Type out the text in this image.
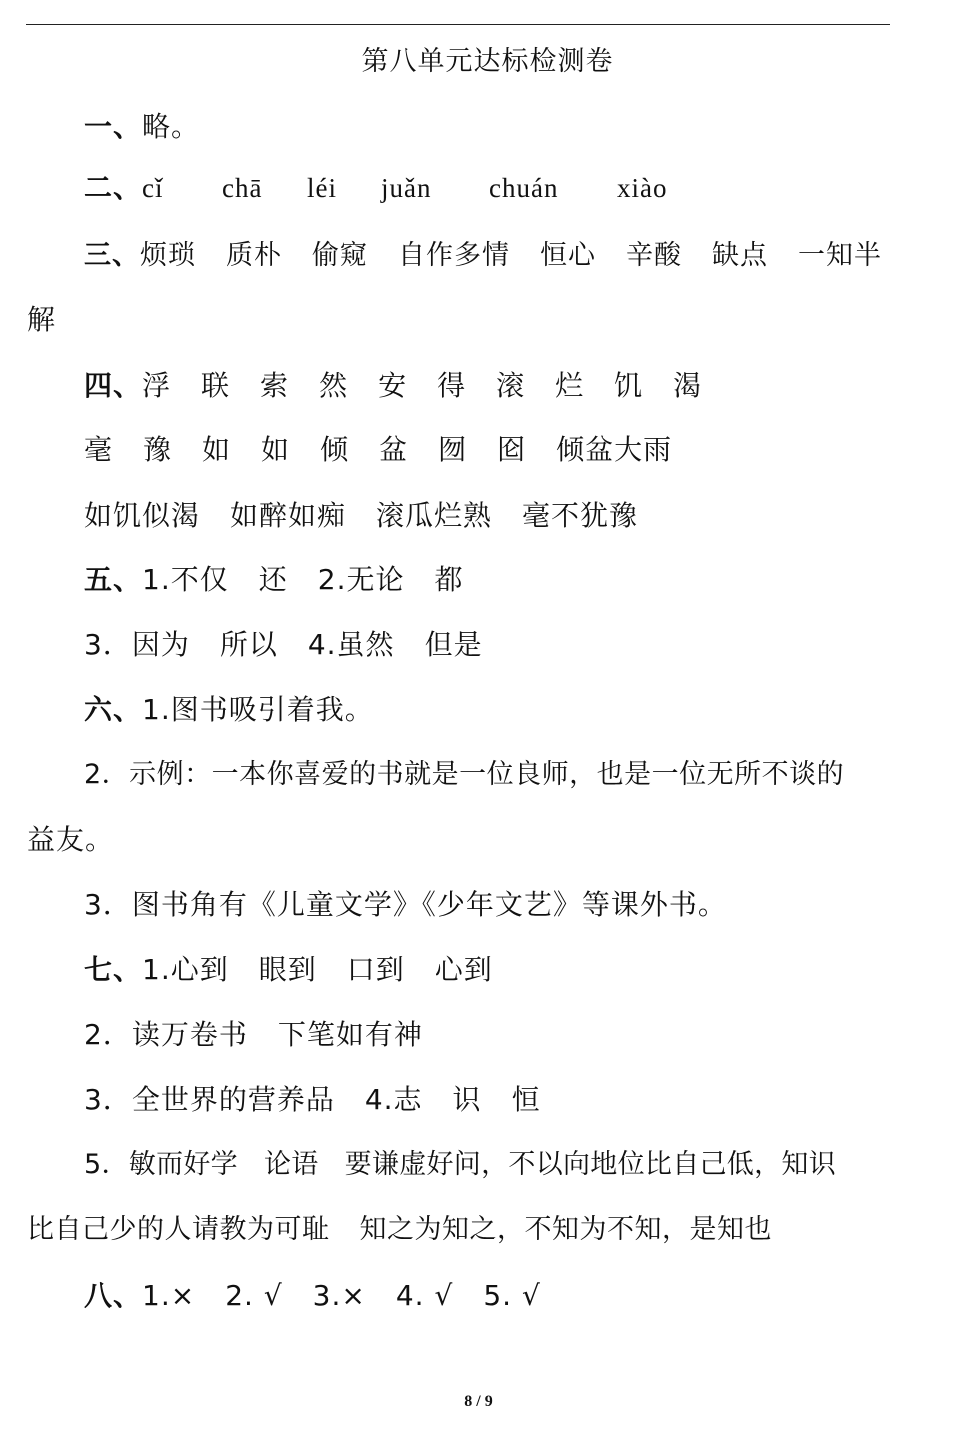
第八单元达标检测卷
一、略。
二、cǐ chā léi juǎn chuán xiào
三、烦琐 质朴 偷窥 自作多情 恒心 辛酸 缺点 一知半
解
四、浮 联 索 然 安 得 滚 烂 饥 渴
毫 豫 如 如 倾 盆 囫 囵 倾盆大雨
如饥似渴 如醉如痴 滚瓜烂熟 毫不犹豫
五、1.不仅 还 2.无论 都
3．因为 所以 4.虽然 但是
六、1.图书吸引着我。
2．示例：一本你喜爱的书就是一位良师，也是一位无所不谈的
益友。
3．图书角有《儿童文学》《少年文艺》等课外书。
七、1.心到 眼到 口到 心到
2．读万卷书 下笔如有神
3．全世界的营养品 4.志 识 恒
5．敏而好学 论语 要谦虚好问，不以向地位比自己低，知识
比自己少的人请教为可耻 知之为知之，不知为不知，是知也
八、1.× 2. √ 3.× 4. √ 5. √
8 / 9
